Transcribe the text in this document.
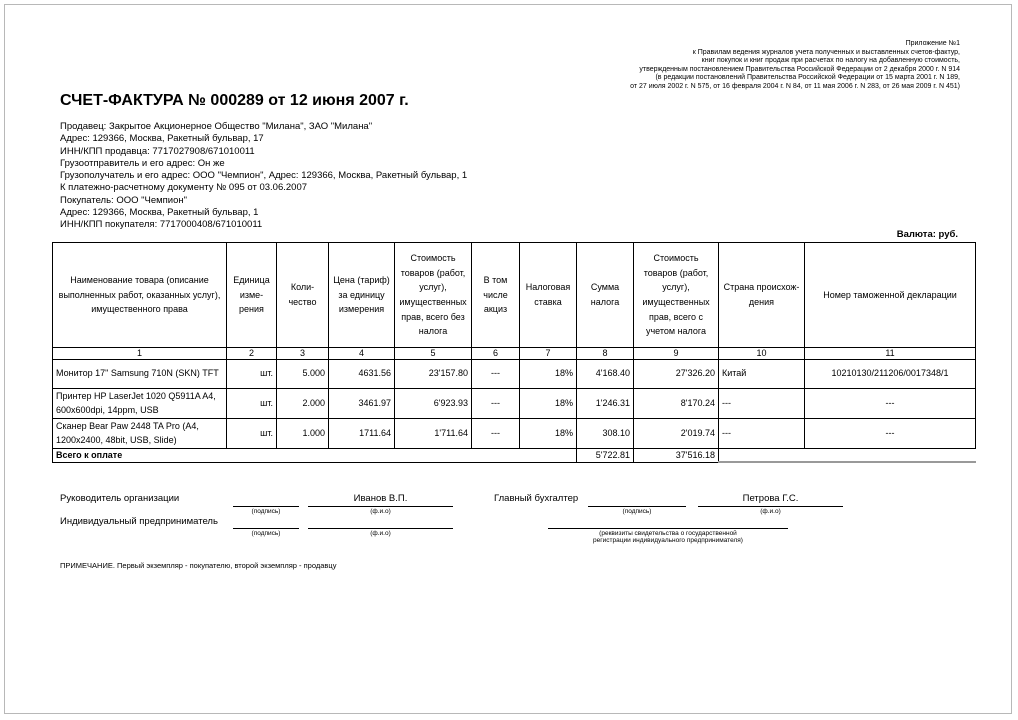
Приложение №1
к Правилам ведения журналов учета полученных и выставленных счетов-фактур,
книг покупок и книг продаж при расчетах по налогу на добавленную стоимость,
утвержденным постановлением Правительства Российской Федерации от 2 декабря 2000 г. N 914
(в редакции постановлений Правительства Российской Федерации от 15 марта 2001 г. N 189,
от 27 июля 2002 г. N 575, от 16 февраля 2004 г. N 84, от 11 мая 2006 г. N 283, от 26 мая 2009 г. N 451)
СЧЕТ-ФАКТУРА № 000289 от 12 июня 2007 г.
Продавец: Закрытое Акционерное Общество "Милана", ЗАО "Милана"
Адрес: 129366, Москва, Ракетный бульвар, 17
ИНН/КПП продавца: 7717027908/671010011
Грузоотправитель и его адрес: Он же
Грузополучатель и его адрес: ООО "Чемпион", Адрес: 129366, Москва, Ракетный бульвар, 1
К платежно-расчетному документу № 095 от 03.06.2007
Покупатель: ООО "Чемпион"
Адрес: 129366, Москва, Ракетный бульвар, 1
ИНН/КПП покупателя: 7717000408/671010011
Валюта: руб.
Наименование товара (описание выполненных работ, оказанных услуг), имущественного права	Единица изме- рения	Коли- чество	Цена (тариф) за единицу измерения	Стоимость товаров (работ, услуг), имущественных прав, всего без налога	В том числе акциз	Налоговая ставка	Сумма налога	Стоимость товаров (работ, услуг), имущественных прав, всего с учетом налога	Страна происхож- дения	Номер таможенной декларации
1	2	3	4	5	6	7	8	9	10	11
Монитор 17" Samsung 710N (SKN) TFT	шт.	5.000	4631.56	23'157.80	---	18%	4'168.40	27'326.20	Китай	10210130/211206/0017348/1
Принтер HP LaserJet 1020 Q5911A A4, 600x600dpi, 14ppm, USB	шт.	2.000	3461.97	6'923.93	---	18%	1'246.31	8'170.24	---	---
Сканер Bear Paw 2448 TA Pro (A4, 1200x2400, 48bit, USB, Slide)	шт.	1.000	1711.64	1'711.64	---	18%	308.10	2'019.74	---	---
Всего к оплате							5'722.81	37'516.18		
Руководитель организации
(подпись)
Иванов В.П.
(ф.и.о)
Главный бухгалтер
(подпись)
Петрова Г.С.
(ф.и.о)
Индивидуальный предприниматель
(подпись)	(ф.и.о)	(реквизиты свидетельства о государственной
регистрации индивидуального предпринимателя)
ПРИМЕЧАНИЕ. Первый экземпляр - покупателю, второй экземпляр - продавцу
